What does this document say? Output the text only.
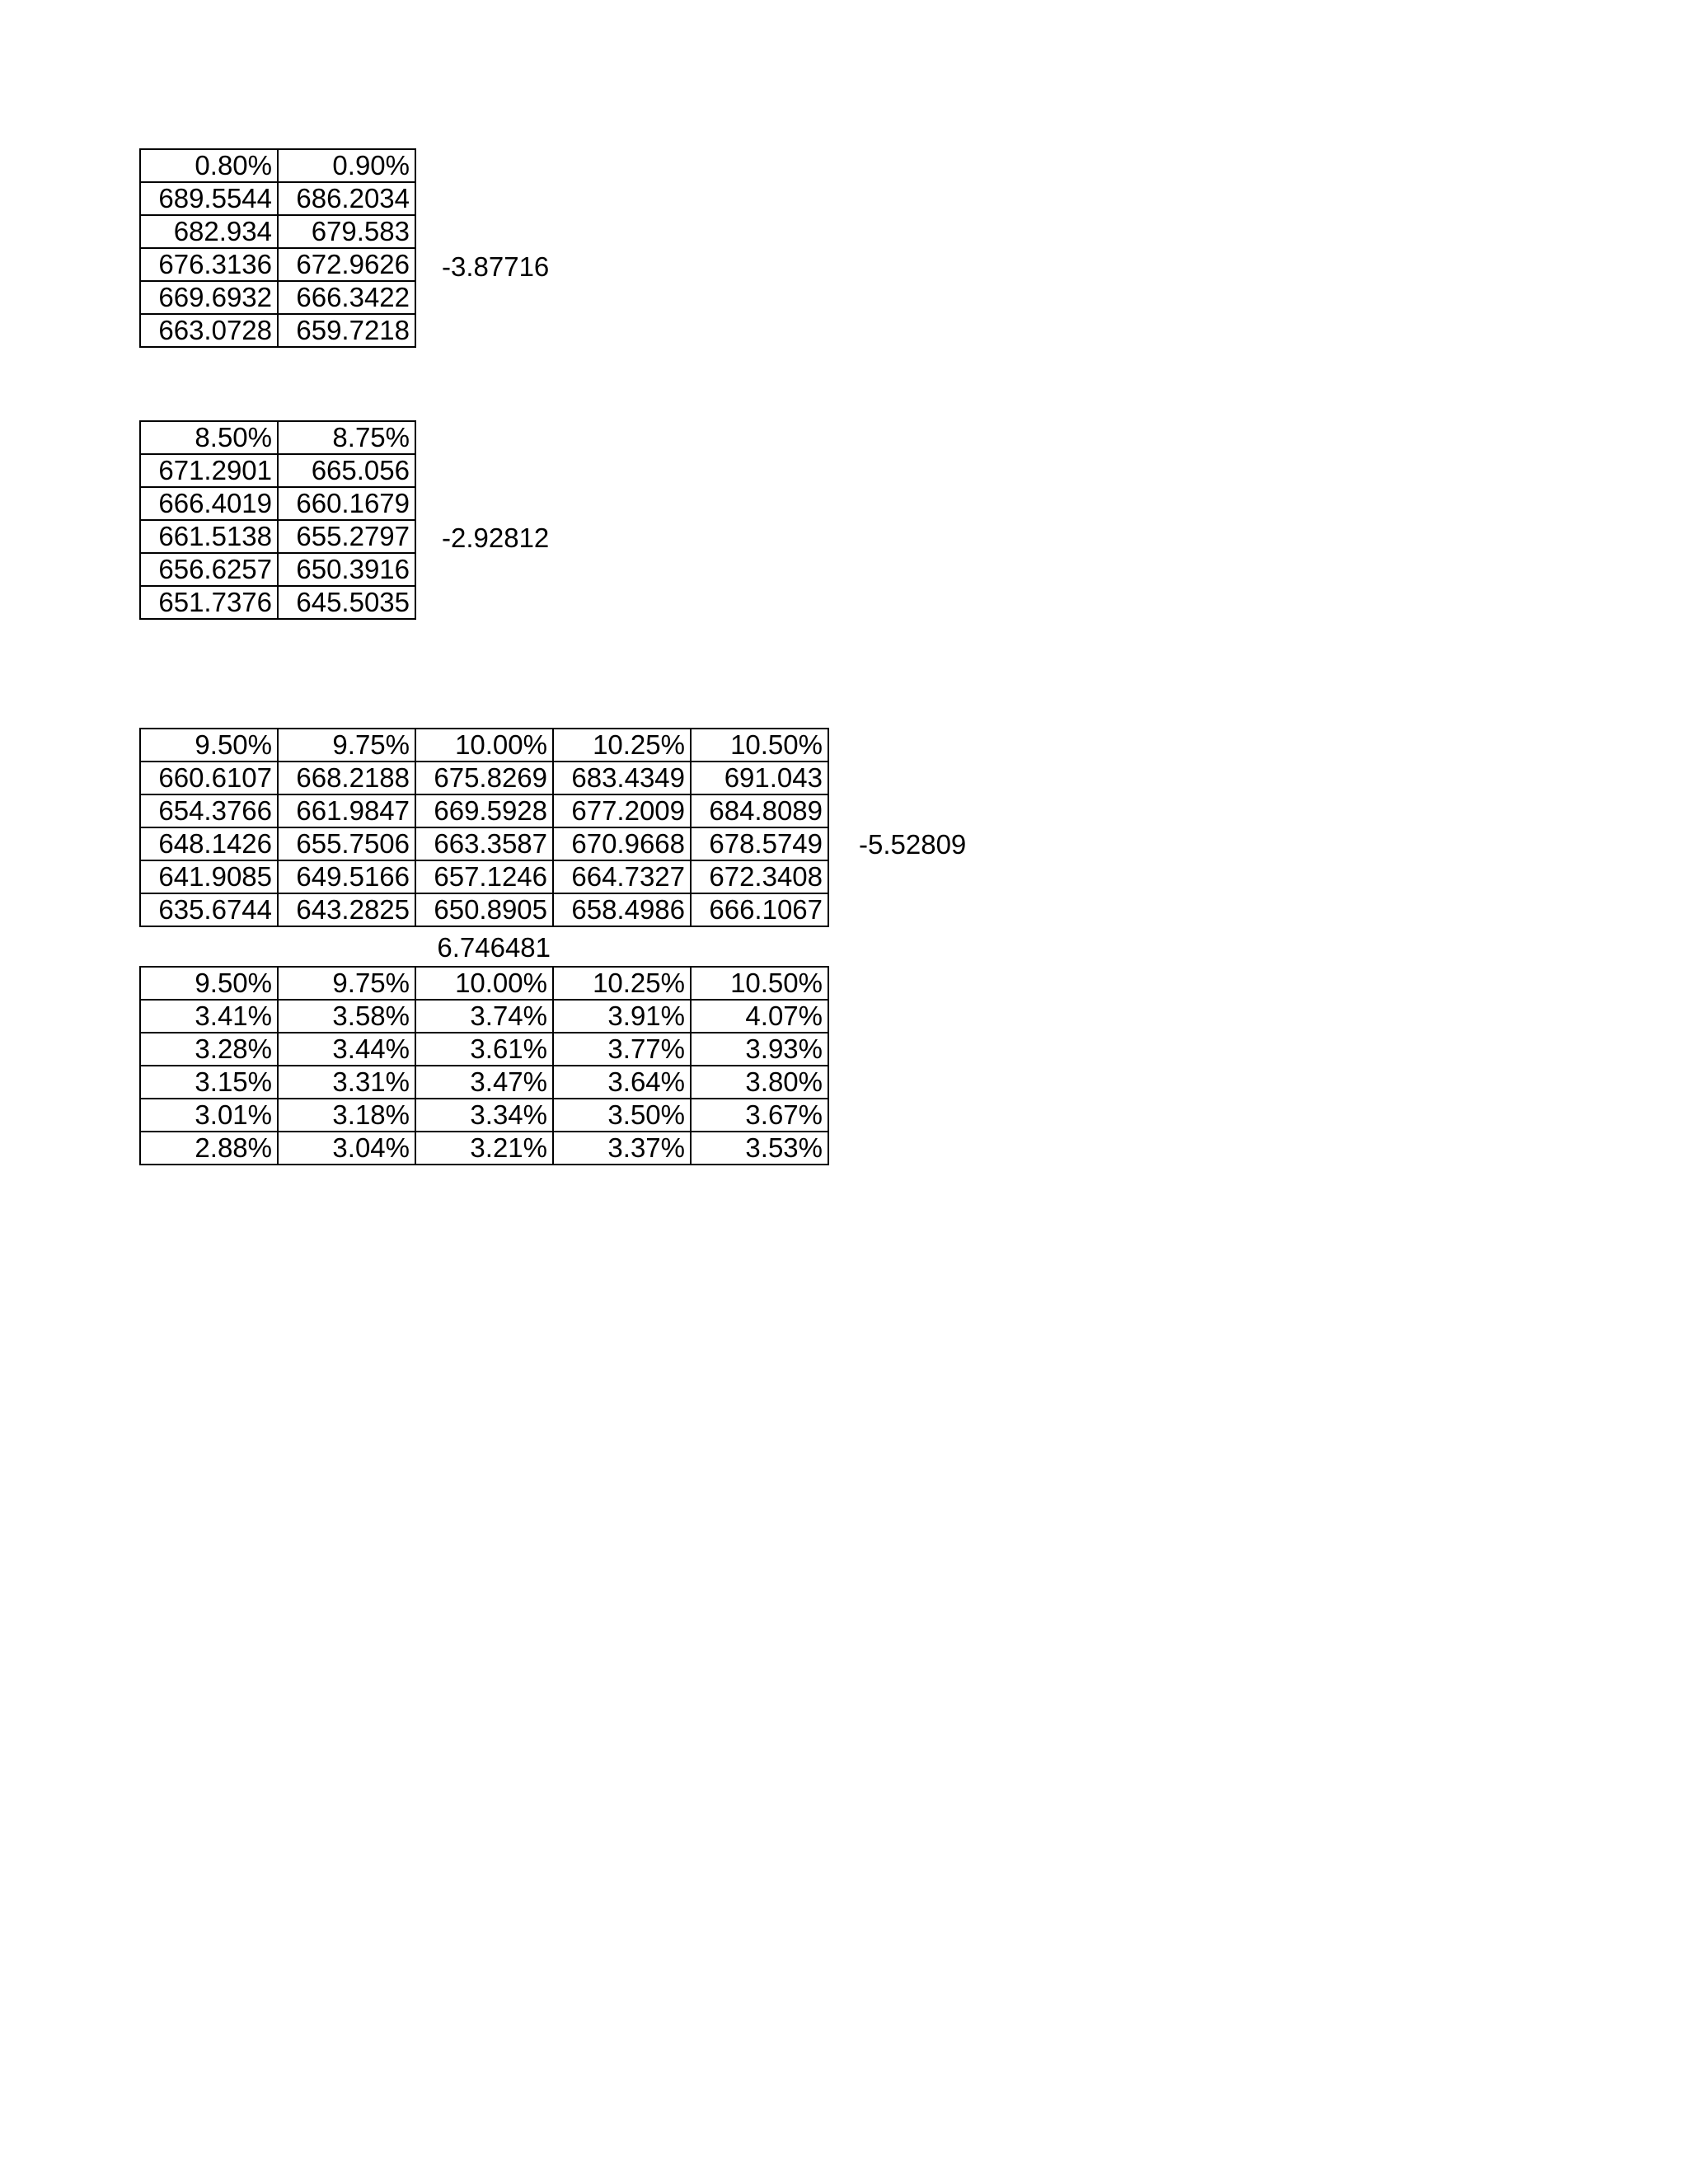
0.80%	0.90%
689.5544	686.2034
682.934	679.583
676.3136	672.9626
669.6932	666.3422
663.0728	659.7218
-3.87716
8.50%	8.75%
671.2901	665.056
666.4019	660.1679
661.5138	655.2797
656.6257	650.3916
651.7376	645.5035
-2.92812
9.50%	9.75%	10.00%	10.25%	10.50%
660.6107	668.2188	675.8269	683.4349	691.043
654.3766	661.9847	669.5928	677.2009	684.8089
648.1426	655.7506	663.3587	670.9668	678.5749
641.9085	649.5166	657.1246	664.7327	672.3408
635.6744	643.2825	650.8905	658.4986	666.1067
-5.52809
6.746481
9.50%	9.75%	10.00%	10.25%	10.50%
3.41%	3.58%	3.74%	3.91%	4.07%
3.28%	3.44%	3.61%	3.77%	3.93%
3.15%	3.31%	3.47%	3.64%	3.80%
3.01%	3.18%	3.34%	3.50%	3.67%
2.88%	3.04%	3.21%	3.37%	3.53%
